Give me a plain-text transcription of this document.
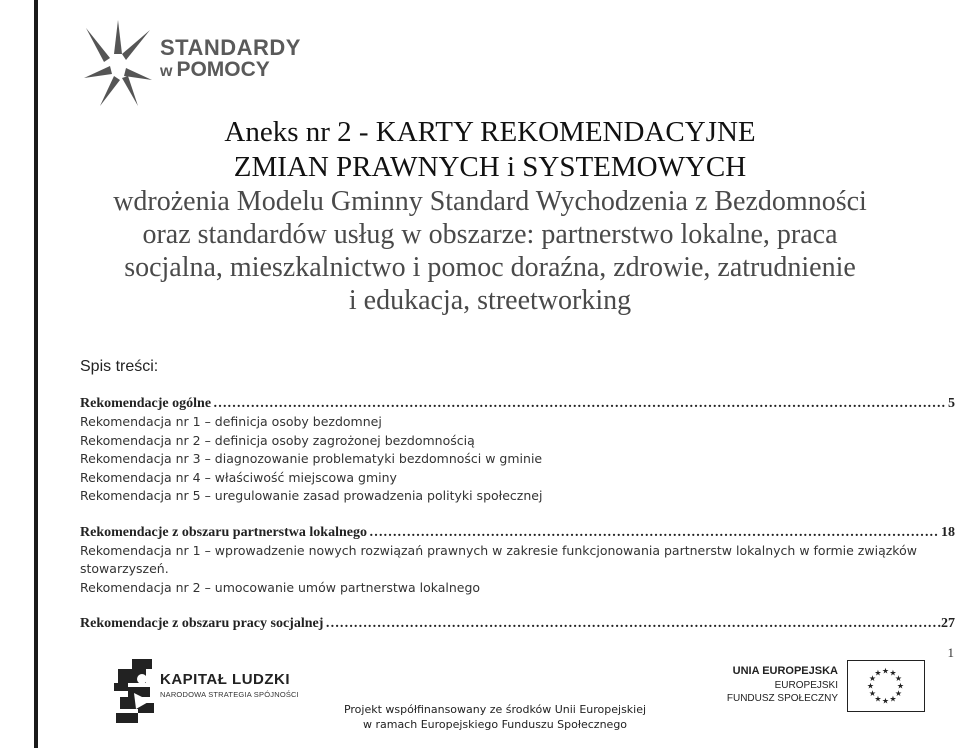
STANDARDY
w POMOCY
Aneks nr 2 - KARTY REKOMENDACYJNE
ZMIAN PRAWNYCH i SYSTEMOWYCH
wdrożenia Modelu Gminny Standard Wychodzenia z Bezdomności
oraz standardów usług w obszarze: partnerstwo lokalne, praca
socjalna, mieszkalnictwo i pomoc doraźna, zdrowie, zatrudnienie
i edukacja, streetworking
Spis treści:
Rekomendacje ogólne …………………………………………………………………………………………………………………………………………………………………………………………………………………………	5
Rekomendacja nr 1 – definicja osoby bezdomnej
Rekomendacja nr 2 – definicja osoby zagrożonej bezdomnością
Rekomendacja nr 3 – diagnozowanie problematyki bezdomności w gminie
Rekomendacja nr 4 – właściwość miejscowa gminy
Rekomendacja nr 5 – uregulowanie zasad prowadzenia polityki społecznej
Rekomendacje z obszaru partnerstwa lokalnego …………………………………………………………………………………………………………………………………………………………………………………………………………………………	18
Rekomendacja nr 1 – wprowadzenie nowych rozwiązań prawnych w zakresie funkcjonowania partnerstw lokalnych w formie związków stowarzyszeń.
Rekomendacja nr 2 – umocowanie umów partnerstwa lokalnego
Rekomendacje z obszaru pracy socjalnej …………………………………………………………………………………………………………………………………………………………………………………………………………………………	.27
1
KAPITAŁ LUDZKI
NARODOWA STRATEGIA SPÓJNOŚCI
Projekt współfinansowany ze środków Unii Europejskiej
w ramach Europejskiego Funduszu Społecznego
UNIA EUROPEJSKA
EUROPEJSKI
FUNDUSZ SPOŁECZNY
★
★
★
★
★
★
★
★
★ ★ ★
★
